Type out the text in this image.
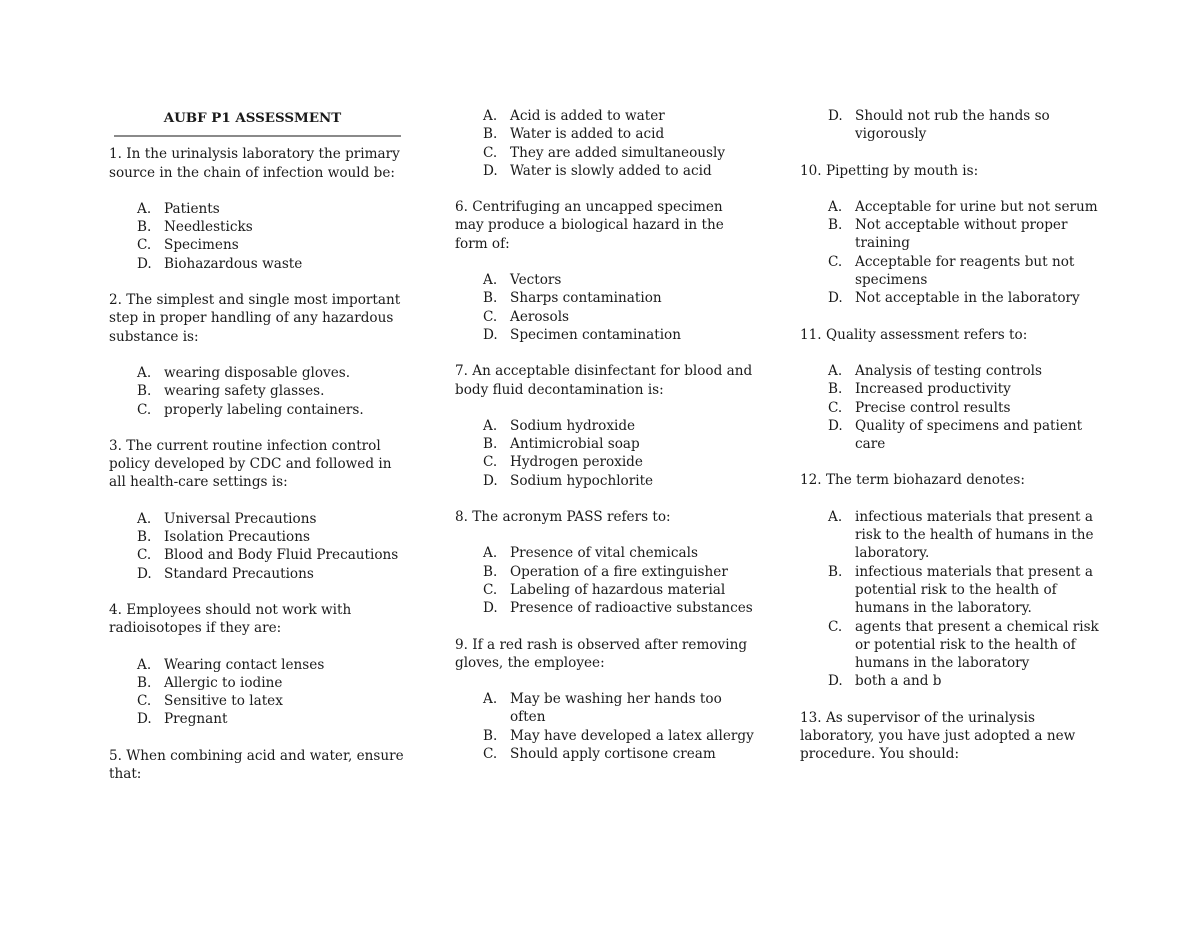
AUBF P1 ASSESSMENT

1. In the urinalysis laboratory the primary source in the chain of infection would be:

A. Patients
B. Needlesticks
C. Specimens
D. Biohazardous waste

2. The simplest and single most important step in proper handling of any hazardous substance is:

A. wearing disposable gloves.
B. wearing safety glasses.
C. properly labeling containers.

3. The current routine infection control policy developed by CDC and followed in all health-care settings is:

A. Universal Precautions
B. Isolation Precautions
C. Blood and Body Fluid Precautions
D. Standard Precautions

4. Employees should not work with radioisotopes if they are:

A. Wearing contact lenses
B. Allergic to iodine
C. Sensitive to latex
D. Pregnant

5. When combining acid and water, ensure that:

A. Acid is added to water
B. Water is added to acid
C. They are added simultaneously
D. Water is slowly added to acid

6. Centrifuging an uncapped specimen may produce a biological hazard in the form of:

A. Vectors
B. Sharps contamination
C. Aerosols
D. Specimen contamination

7. An acceptable disinfectant for blood and body fluid decontamination is:

A. Sodium hydroxide
B. Antimicrobial soap
C. Hydrogen peroxide
D. Sodium hypochlorite

8. The acronym PASS refers to:

A. Presence of vital chemicals
B. Operation of a fire extinguisher
C. Labeling of hazardous material
D. Presence of radioactive substances

9. If a red rash is observed after removing gloves, the employee:

A. May be washing her hands too often
B. May have developed a latex allergy
C. Should apply cortisone cream
D. Should not rub the hands so vigorously

10. Pipetting by mouth is:

A. Acceptable for urine but not serum
B. Not acceptable without proper training
C. Acceptable for reagents but not specimens
D. Not acceptable in the laboratory

11. Quality assessment refers to:

A. Analysis of testing controls
B. Increased productivity
C. Precise control results
D. Quality of specimens and patient care

12. The term biohazard denotes:

A. infectious materials that present a risk to the health of humans in the laboratory.
B. infectious materials that present a potential risk to the health of humans in the laboratory.
C. agents that present a chemical risk or potential risk to the health of humans in the laboratory
D. both a and b

13. As supervisor of the urinalysis laboratory, you have just adopted a new procedure. You should:
